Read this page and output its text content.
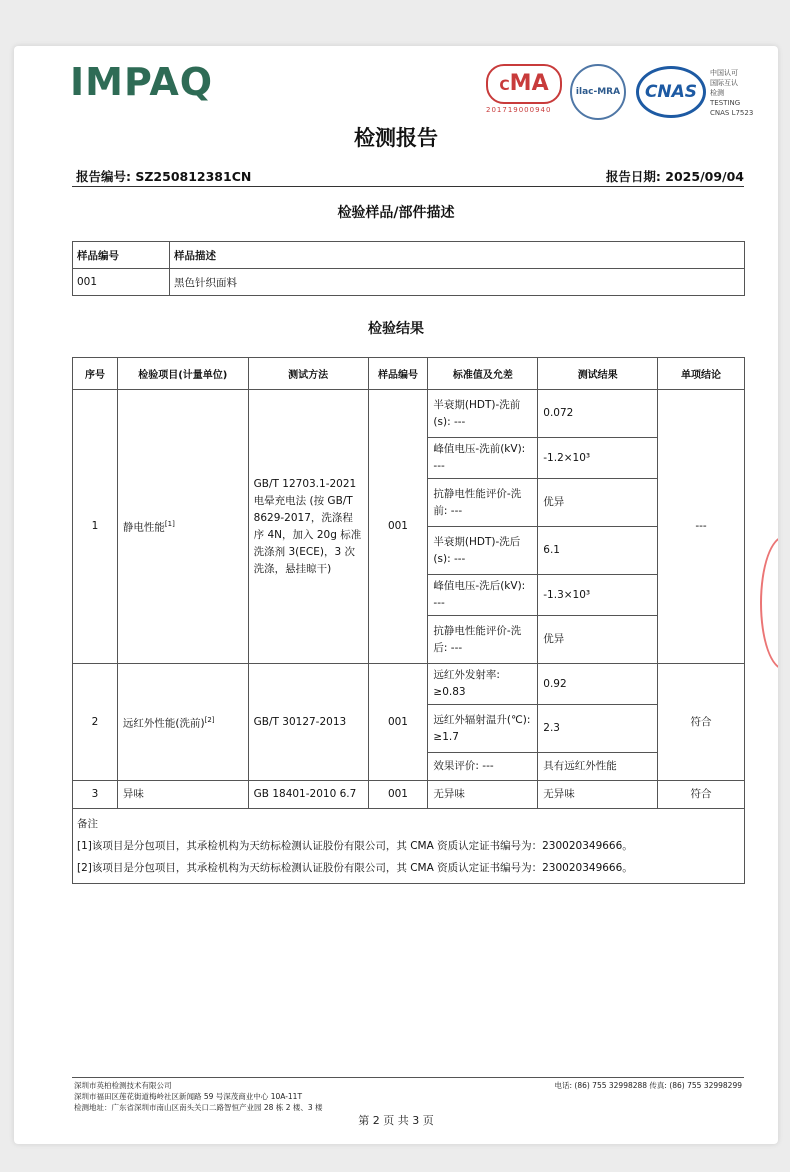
IMPAQ	CMA
201719000940
ilac-MRA	CNAS
中国认可
国际互认
检测
TESTING
CNAS L7523
检测报告
报告编号: SZ250812381CN	报告日期: 2025/09/04
检验样品/部件描述
样品编号	样品描述
001	黑色针织面料
检验结果
序号	检验项目(计量单位)	测试方法	样品编号	标准值及允差	测试结果	单项结论
1	静电性能[1]	GB/T 12703.1-2021 电晕充电法 (按 GB/T 8629-2017，洗涤程序 4N，加入 20g 标准洗涤剂 3(ECE)，3 次洗涤，悬挂晾干)	001	半衰期(HDT)-洗前(s): ---	0.072	---
				峰值电压-洗前(kV): ---	-1.2×10³	
				抗静电性能评价-洗前: ---	优异	
				半衰期(HDT)-洗后(s): ---	6.1	
				峰值电压-洗后(kV): ---	-1.3×10³	
				抗静电性能评价-洗后: ---	优异	
2	远红外性能(洗前)[2]	GB/T 30127-2013	001	远红外发射率: ≥0.83	0.92	符合
				远红外辐射温升(℃): ≥1.7	2.3	
				效果评价: ---	具有远红外性能	
3	异味	GB 18401-2010 6.7	001	无异味	无异味	符合

备注
[1]该项目是分包项目，其承检机构为天纺标检测认证股份有限公司，其 CMA 资质认定证书编号为：230020349666。
[2]该项目是分包项目，其承检机构为天纺标检测认证股份有限公司，其 CMA 资质认定证书编号为：230020349666。						
深圳市英柏检测技术有限公司
深圳市福田区莲花街道梅岭社区新闻路 59 号深茂商业中心 10A-11T
检测地址：广东省深圳市南山区南头关口二路智恒产业园 28 栋 2 楼、3 楼
电话: (86) 755 32998288 传真: (86) 755 32998299
第 2 页 共 3 页
